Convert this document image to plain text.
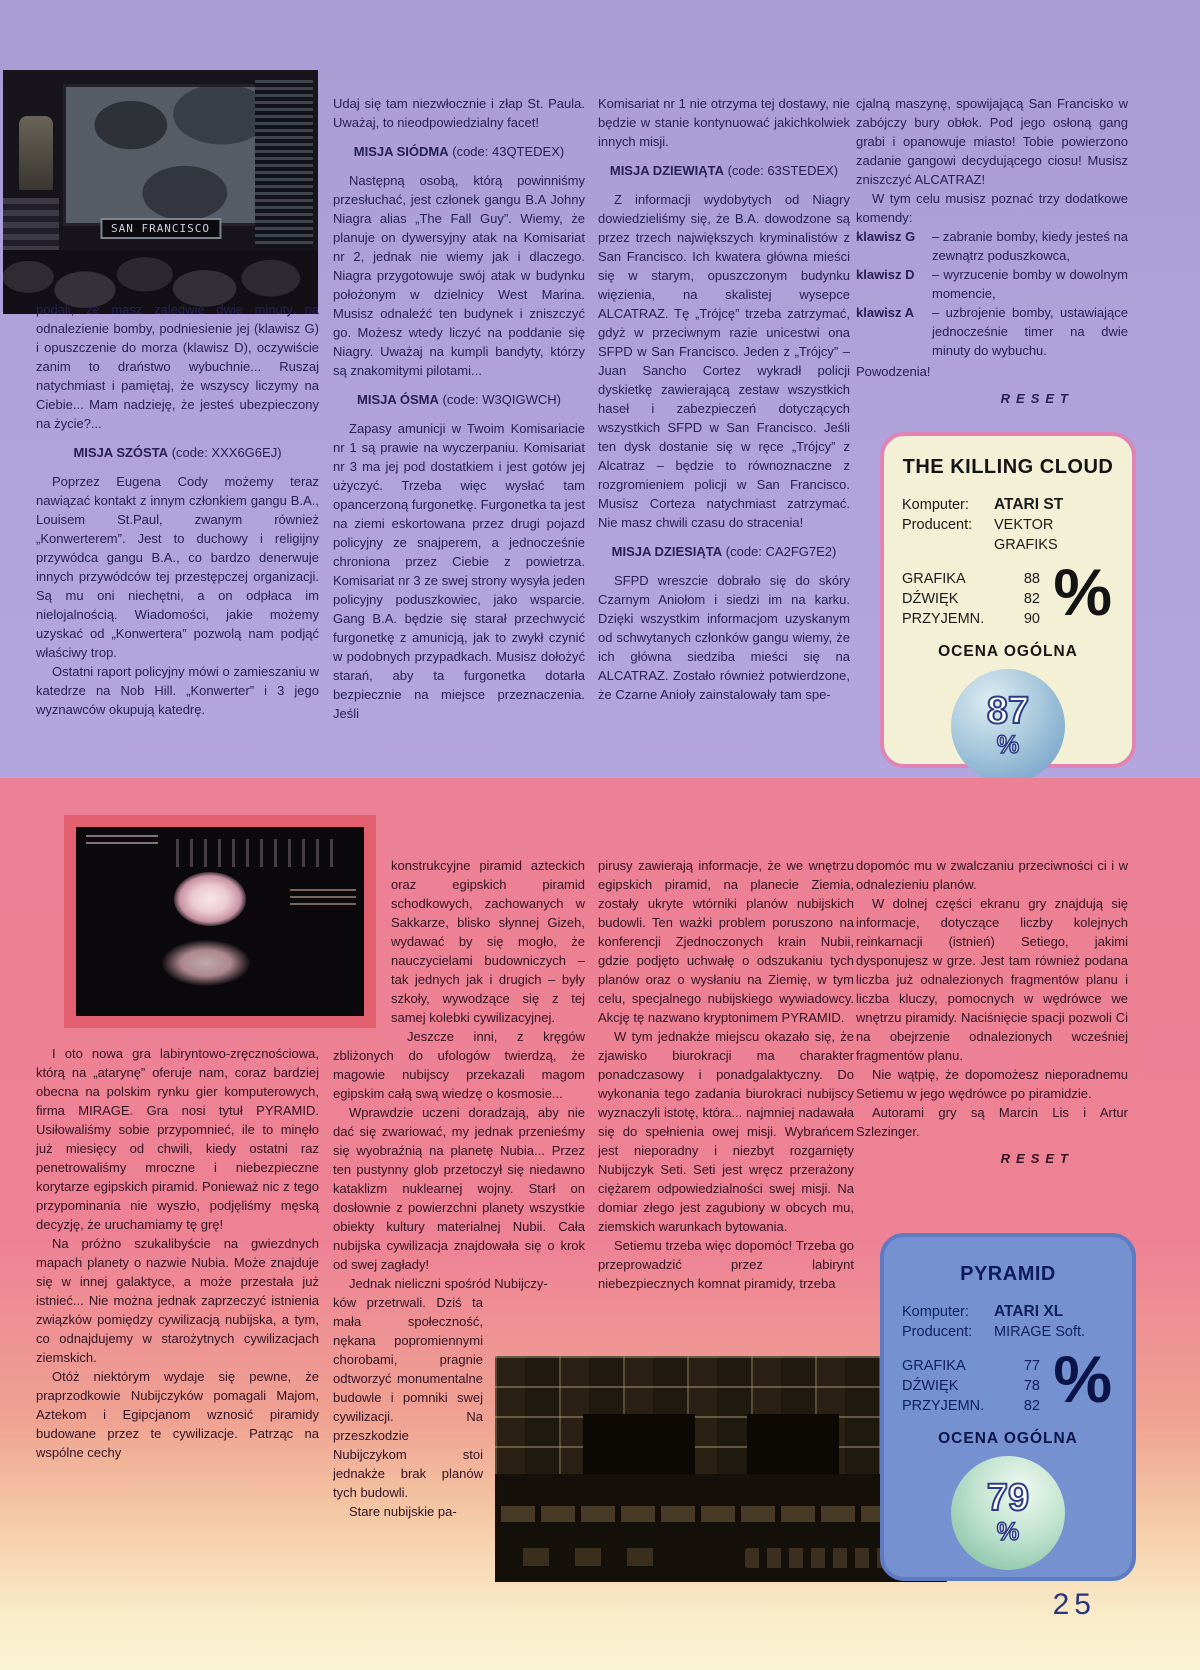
SAN FRANCISCO

podali, że masz zaledwie dwie minuty na odnalezienie bomby, podniesienie jej (klawisz G) i opuszczenie do morza (klawisz D), oczywiście zanim to draństwo wybuchnie... Ruszaj natychmiast i pamiętaj, że wszyscy liczymy na Ciebie... Mam nadzieję, że jesteś ubezpieczony na życie?...

MISJA SZÓSTA (code: XXX6G6EJ)

Poprzez Eugena Cody możemy teraz nawiązać kontakt z innym członkiem gangu B.A., Louisem St.Paul, zwanym również „Konwerterem”. Jest to duchowy i religijny przywódca gangu B.A., co bardzo denerwuje innych przywódców tej przestępczej organizacji. Są mu oni niechętni, a on odpłaca im nielojalnością. Wiadomości, jakie możemy uzyskać od „Konwertera” pozwolą nam podjąć właściwy trop.

Ostatni raport policyjny mówi o zamieszaniu w katedrze na Nob Hill. „Konwerter” i 3 jego wyznawców okupują katedrę.

Udaj się tam niezwłocznie i złap St. Paula. Uważaj, to nieodpowiedzialny facet!

MISJA SIÓDMA (code: 43QTEDEX)

Następną osobą, którą powinniśmy przesłuchać, jest członek gangu B.A Johny Niagra alias „The Fall Guy”. Wiemy, że planuje on dywersyjny atak na Komisariat nr 2, jednak nie wiemy jak i dlaczego. Niagra przygotowuje swój atak w budynku położonym w dzielnicy West Marina. Musisz odnaleźć ten budynek i zniszczyć go. Możesz wtedy liczyć na poddanie się Niagry. Uważaj na kumpli bandyty, którzy są znakomitymi pilotami...

MISJA ÓSMA (code: W3QIGWCH)

Zapasy amunicji w Twoim Komisariacie nr 1 są prawie na wyczerpaniu. Komisariat nr 3 ma jej pod dostatkiem i jest gotów jej użyczyć. Trzeba więc wysłać tam opancerzoną furgonetkę. Furgonetka ta jest na ziemi eskortowana przez drugi pojazd policyjny ze snajperem, a jednocześnie chroniona przez Ciebie z powietrza. Komisariat nr 3 ze swej strony wysyła jeden policyjny poduszkowiec, jako wsparcie. Gang B.A. będzie się starał przechwycić furgonetkę z amunicją, jak to zwykł czynić w podobnych przypadkach. Musisz dołożyć starań, aby ta furgonetka dotarła bezpiecznie na miejsce przeznaczenia. Jeśli

Komisariat nr 1 nie otrzyma tej dostawy, nie będzie w stanie kontynuować jakichkolwiek innych misji.

MISJA DZIEWIĄTA (code: 63STEDEX)

Z informacji wydobytych od Niagry dowiedzieliśmy się, że B.A. dowodzone są przez trzech największych kryminalistów z San Francisco. Ich kwatera główna mieści się w starym, opuszczonym budynku więzienia, na skalistej wysepce ALCATRAZ. Tę „Trójcę” trzeba zatrzymać, gdyż w przeciwnym razie unicestwi ona SFPD w San Francisco. Jeden z „Trójcy” – Juan Sancho Cortez wykradł policji dyskietkę zawierającą zestaw wszystkich haseł i zabezpieczeń dotyczących wszystkich SFPD w San Francisco. Jeśli ten dysk dostanie się w ręce „Trójcy” z Alcatraz – będzie to równoznaczne z rozgromieniem policji w San Francisco. Musisz Corteza natychmiast zatrzymać. Nie masz chwili czasu do stracenia!

MISJA DZIESIĄTA (code: CA2FG7E2)

SFPD wreszcie dobrało się do skóry Czarnym Aniołom i siedzi im na karku. Dzięki wszystkim informacjom uzyskanym od schwytanych członków gangu wiemy, że ich główna siedziba mieści się na ALCATRAZ. Zostało również potwierdzone, że Czarne Anioły zainstalowały tam spe-

cjalną maszynę, spowijającą San Francisko w zabójczy bury obłok. Pod jego osłoną gang grabi i opanowuje miasto! Tobie powierzono zadanie gangowi decydującego ciosu! Musisz zniszczyć ALCATRAZ!

W tym celu musisz poznać trzy dodatkowe komendy:

klawisz G	– zabranie bomby, kiedy jesteś na zewnątrz poduszkowca,
klawisz D	– wyrzucenie bomby w dowolnym momencie,
klawisz A	– uzbrojenie bomby, ustawiające jednocześnie timer na dwie minuty do wybuchu.

Powodzenia!

RESET
THE KILLING CLOUD
Komputer:	ATARI ST
Producent:	VEKTOR GRAFIKS
GRAFIKA	88
DŹWIĘK	82
PRZYJEMN.	90 %
OCENA OGÓLNA
87
%

I oto nowa gra labiryntowo-zręcznościowa, którą na „atarynę” oferuje nam, coraz bardziej obecna na polskim rynku gier komputerowych, firma MIRAGE. Gra nosi tytuł PYRAMID. Usiłowaliśmy sobie przypomnieć, ile to minęło już miesięcy od chwili, kiedy ostatni raz penetrowaliśmy mroczne i niebezpieczne korytarze egipskich piramid. Ponieważ nic z tego przypominania nie wyszło, podjęliśmy męską decyzję, że uruchamiamy tę grę!

Na próżno szukalibyście na gwiezdnych mapach planety o nazwie Nubia. Może znajduje się w innej galaktyce, a może przestała już istnieć... Nie można jednak zaprzeczyć istnienia związków pomiędzy cywilizacją nubijska, a tym, co odnajdujemy w starożytnych cywilizacjach ziemskich.

Otóż niektórym wydaje się pewne, że praprzodkowie Nubijczyków pomagali Majom, Aztekom i Egipcjanom wznosić piramidy budowane przez te cywilizacje. Patrząc na wspólne cechy

konstrukcyjne piramid azteckich oraz egipskich piramid schodkowych, zachowanych w Sakkarze, blisko słynnej Gizeh, wydawać by się mogło, że nauczycielami budowniczych – tak jednych jak i drugich – były szkoły, wywodzące się z tej samej kolebki cywilizacyjnej.

Jeszcze inni, z kręgów zbliżonych do ufologów twierdzą, że magowie nubijscy przekazali magom egipskim całą swą wiedzę o kosmosie...

Wprawdzie uczeni doradzają, aby nie dać się zwariować, my jednak przenieśmy się wyobraźnią na planetę Nubia... Przez ten pustynny glob przetoczył się niedawno kataklizm nuklearnej wojny. Starł on dosłownie z powierzchni planety wszystkie obiekty kultury materialnej Nubii. Cała nubijska cywilizacja znajdowała się o krok od swej zagłady!

Jednak nieliczni spośród Nubijczy-

ków przetrwali. Dziś ta mała społeczność, nękana popromiennymi chorobami, pragnie odtworzyć monumentalne budowle i pomniki swej cywilizacji. Na przeszkodzie Nubijczykom stoi jednakże brak planów tych budowli.

Stare nubijskie pa-

pirusy zawierają informacje, że we wnętrzu egipskich piramid, na planecie Ziemia, zostały ukryte wtórniki planów nubijskich budowli. Ten ważki problem poruszono na konferencji Zjednoczonych krain Nubii, gdzie podjęto uchwałę o odszukaniu tych planów oraz o wysłaniu na Ziemię, w tym celu, specjalnego nubijskiego wywiadowcy. Akcję tę nazwano kryptonimem PYRAMID.

W tym jednakże miejscu okazało się, że zjawisko biurokracji ma charakter ponadczasowy i ponadgalaktyczny. Do wykonania tego zadania biurokraci nubijscy wyznaczyli istotę, która... najmniej nadawała się do spełnienia owej misji. Wybrańcem jest nieporadny i niezbyt rozgarnięty Nubijczyk Seti. Seti jest wręcz przerażony ciężarem odpowiedzialności swej misji. Na domiar złego jest zagubiony w obcych mu, ziemskich warunkach bytowania.

Setiemu trzeba więc dopomóc! Trzeba go przeprowadzić przez labirynt niebezpiecznych komnat piramidy, trzeba

dopomóc mu w zwalczaniu przeciwności ci i w odnalezieniu planów.

W dolnej części ekranu gry znajdują się informacje, dotyczące liczby kolejnych reinkarnacji (istnień) Setiego, jakimi dysponujesz w grze. Jest tam również podana liczba już odnalezionych fragmentów planu i liczba kluczy, pomocnych w wędrówce we wnętrzu piramidy. Naciśnięcie spacji pozwoli Ci na obejrzenie odnalezionych wcześniej fragmentów planu.

Nie wątpię, że dopomożesz nieporadnemu Setiemu w jego wędrówce po piramidzie.

Autorami gry są Marcin Lis i Artur Szlezinger.

RESET
PYRAMID
Komputer:	ATARI XL
Producent:	MIRAGE Soft.
GRAFIKA	77
DŹWIĘK	78
PRZYJEMN.	82 %
OCENA OGÓLNA
79
%
25
